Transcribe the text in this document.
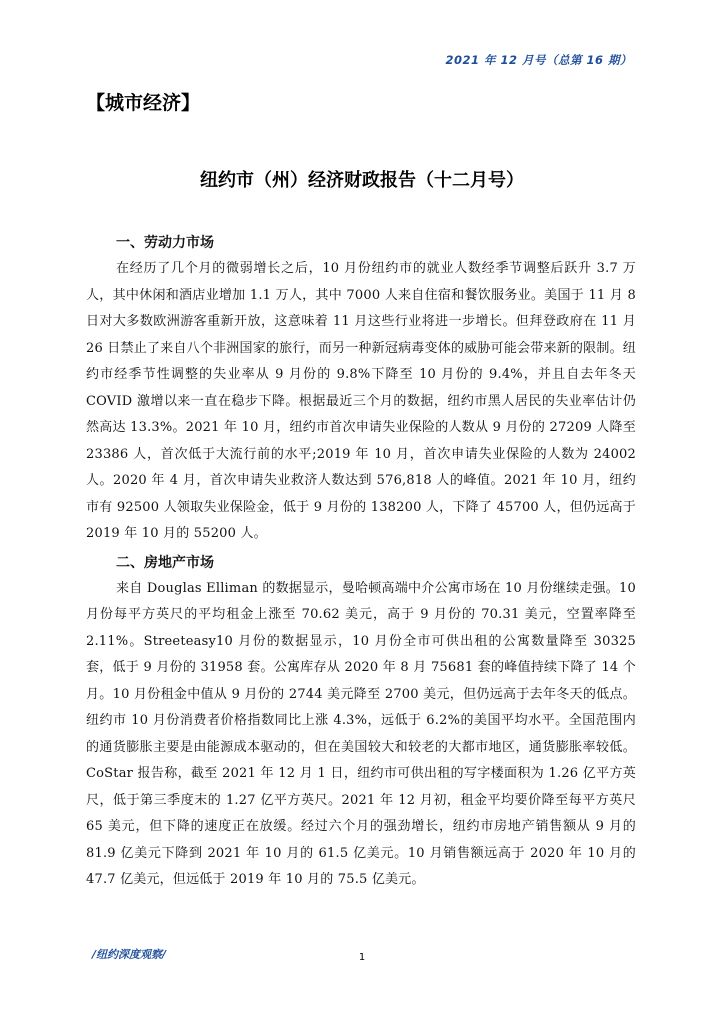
2021 年 12 月号（总第 16 期）
【城市经济】
纽约市（州）经济财政报告（十二月号）
一、劳动力市场

在经历了几个月的微弱增长之后，10 月份纽约市的就业人数经季节调整后跃升 3.7 万人，其中休闲和酒店业增加 1.1 万人，其中 7000 人来自住宿和餐饮服务业。美国于 11 月 8 日对大多数欧洲游客重新开放，这意味着 11 月这些行业将进一步增长。但拜登政府在 11 月 26 日禁止了来自八个非洲国家的旅行，而另一种新冠病毒变体的威胁可能会带来新的限制。纽约市经季节性调整的失业率从 9 月份的 9.8%下降至 10 月份的 9.4%，并且自去年冬天 COVID 激增以来一直在稳步下降。根据最近三个月的数据，纽约市黑人居民的失业率估计仍然高达 13.3%。2021 年 10 月，纽约市首次申请失业保险的人数从 9 月份的 27209 人降至 23386 人，首次低于大流行前的水平;2019 年 10 月，首次申请失业保险的人数为 24002 人。2020 年 4 月，首次申请失业救济人数达到 576,818 人的峰值。2021 年 10 月，纽约市有 92500 人领取失业保险金，低于 9 月份的 138200 人，下降了 45700 人，但仍远高于 2019 年 10 月的 55200 人。

二、房地产市场

来自 Douglas Elliman 的数据显示，曼哈顿高端中介公寓市场在 10 月份继续走强。10 月份每平方英尺的平均租金上涨至 70.62 美元，高于 9 月份的 70.31 美元，空置率降至 2.11%。Streeteasy10 月份的数据显示，10 月份全市可供出租的公寓数量降至 30325 套，低于 9 月份的 31958 套。公寓库存从 2020 年 8 月 75681 套的峰值持续下降了 14 个月。10 月份租金中值从 9 月份的 2744 美元降至 2700 美元，但仍远高于去年冬天的低点。纽约市 10 月份消费者价格指数同比上涨 4.3%，远低于 6.2%的美国平均水平。全国范围内的通货膨胀主要是由能源成本驱动的，但在美国较大和较老的大都市地区，通货膨胀率较低。CoStar 报告称，截至 2021 年 12 月 1 日，纽约市可供出租的写字楼面积为 1.26 亿平方英尺，低于第三季度末的 1.27 亿平方英尺。2021 年 12 月初，租金平均要价降至每平方英尺 65 美元，但下降的速度正在放缓。经过六个月的强劲增长，纽约市房地产销售额从 9 月的 81.9 亿美元下降到 2021 年 10 月的 61.5 亿美元。10 月销售额远高于 2020 年 10 月的 47.7 亿美元，但远低于 2019 年 10 月的 75.5 亿美元。

/纽约深度观察/	1
